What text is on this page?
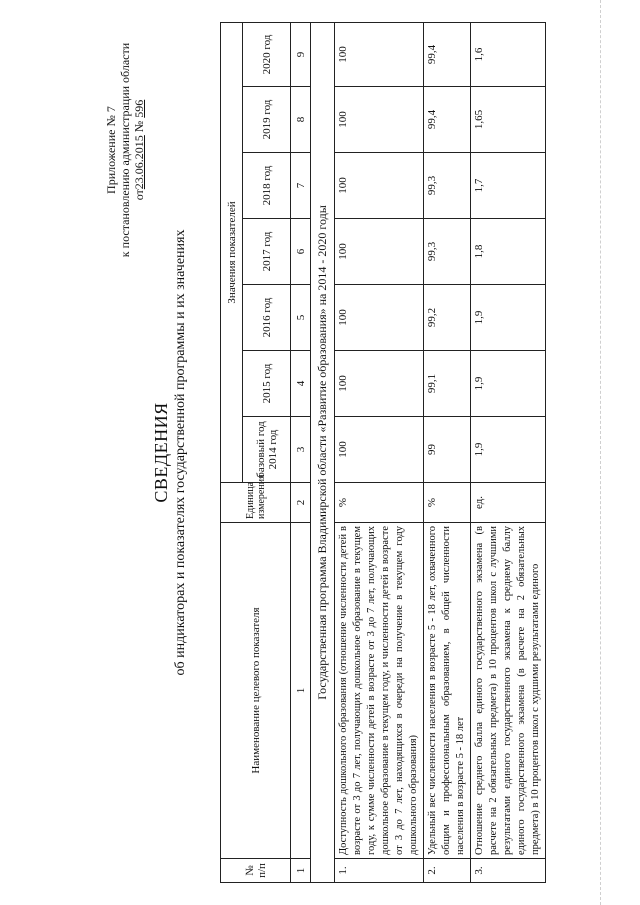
Приложение № 7 к постановлению администрации области от23.06.2015 № 596
СВЕДЕНИЯ об индикаторах и показателях государственной программы и их значениях
№ п/п	Наименование целевого показателя	Единица измерения	Значения показателей						
			базовый год 2014 год	2015 год	2016 год	2017 год	2018 год	2019 год	2020 год
1	1	2	3	4	5	6	7	8	9
Государственная программа Владимирской области «Развитие образования» на 2014 - 2020 годы									
1.	Доступность дошкольного образования (отношение численности детей в возрасте от 3 до 7 лет, получающих дошкольное образование в текущем году, к сумме численности детей в возрасте от 3 до 7 лет, получающих дошкольное образование в текущем году, и численности детей в возрасте от 3 до 7 лет, находящихся в очереди на получение в текущем году дошкольного образования)	%	100	100	100	100	100	100	100
2.	Удельный вес численности населения в возрасте 5 - 18 лет, охваченного общим и профессиональным образованием, в общей численности населения в возрасте 5 - 18 лет	%	99	99,1	99,2	99,3	99,3	99,4	99,4
3.	Отношение среднего балла единого государственного экзамена (в расчете на 2 обязательных предмета) в 10 процентов школ с лучшими результатами единого государственного экзамена к среднему баллу единого государственного экзамена (в расчете на 2 обязательных предмета) в 10 процентов школ с худшими результатами единого	ед.	1,9	1,9	1,9	1,8	1,7	1,65	1,6
